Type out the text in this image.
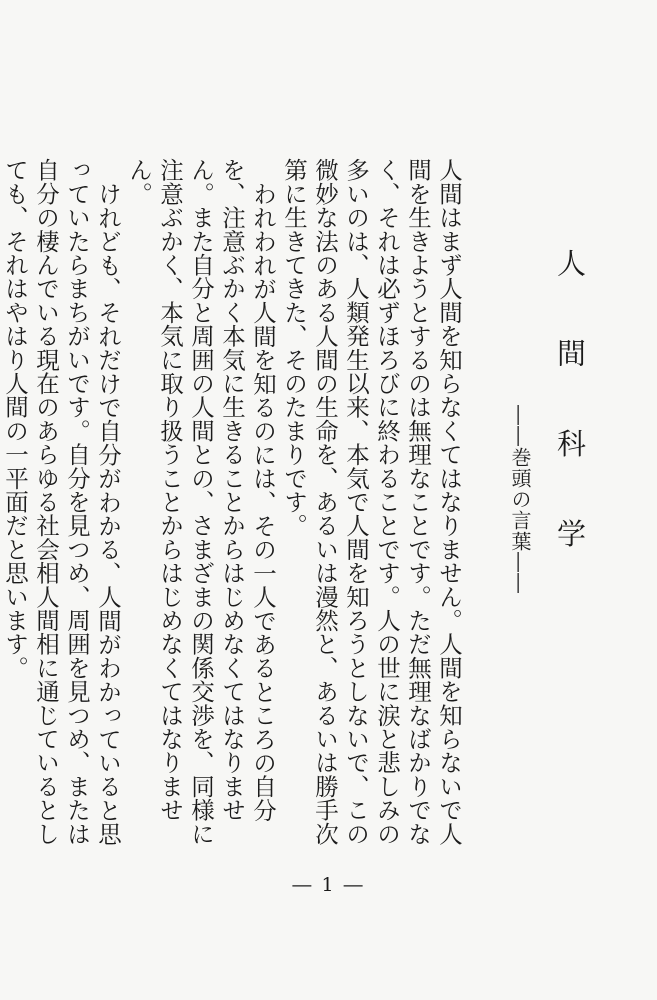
人 間 科 学
――巻頭の言葉――

人間はまず人間を知らなくてはなりません。人間を知らないで人間を生きようとするのは無理なことです。ただ無理なばかりでなく、それは必ずほろびに終わることです。人の世に涙と悲しみの多いのは、人類発生以来、本気で人間を知ろうとしないで、この微妙な法のある人間の生命を、あるいは漫然と、あるいは勝手次第に生きてきた、そのたまりです。

われわれが人間を知るのには、その一人であるところの自分を、注意ぶかく本気に生きることからはじめなくてはなりません。また自分と周囲の人間との、さまざまの関係交渉を、同様に注意ぶかく、本気に取り扱うことからはじめなくてはなりません。

けれども、それだけで自分がわかる、人間がわかっていると思っていたらまちがいです。自分を見つめ、周囲を見つめ、または自分の棲んでいる現在のあらゆる社会相人間相に通じているとしても、それはやはり人間の一平面だと思います。

― 1 ―
